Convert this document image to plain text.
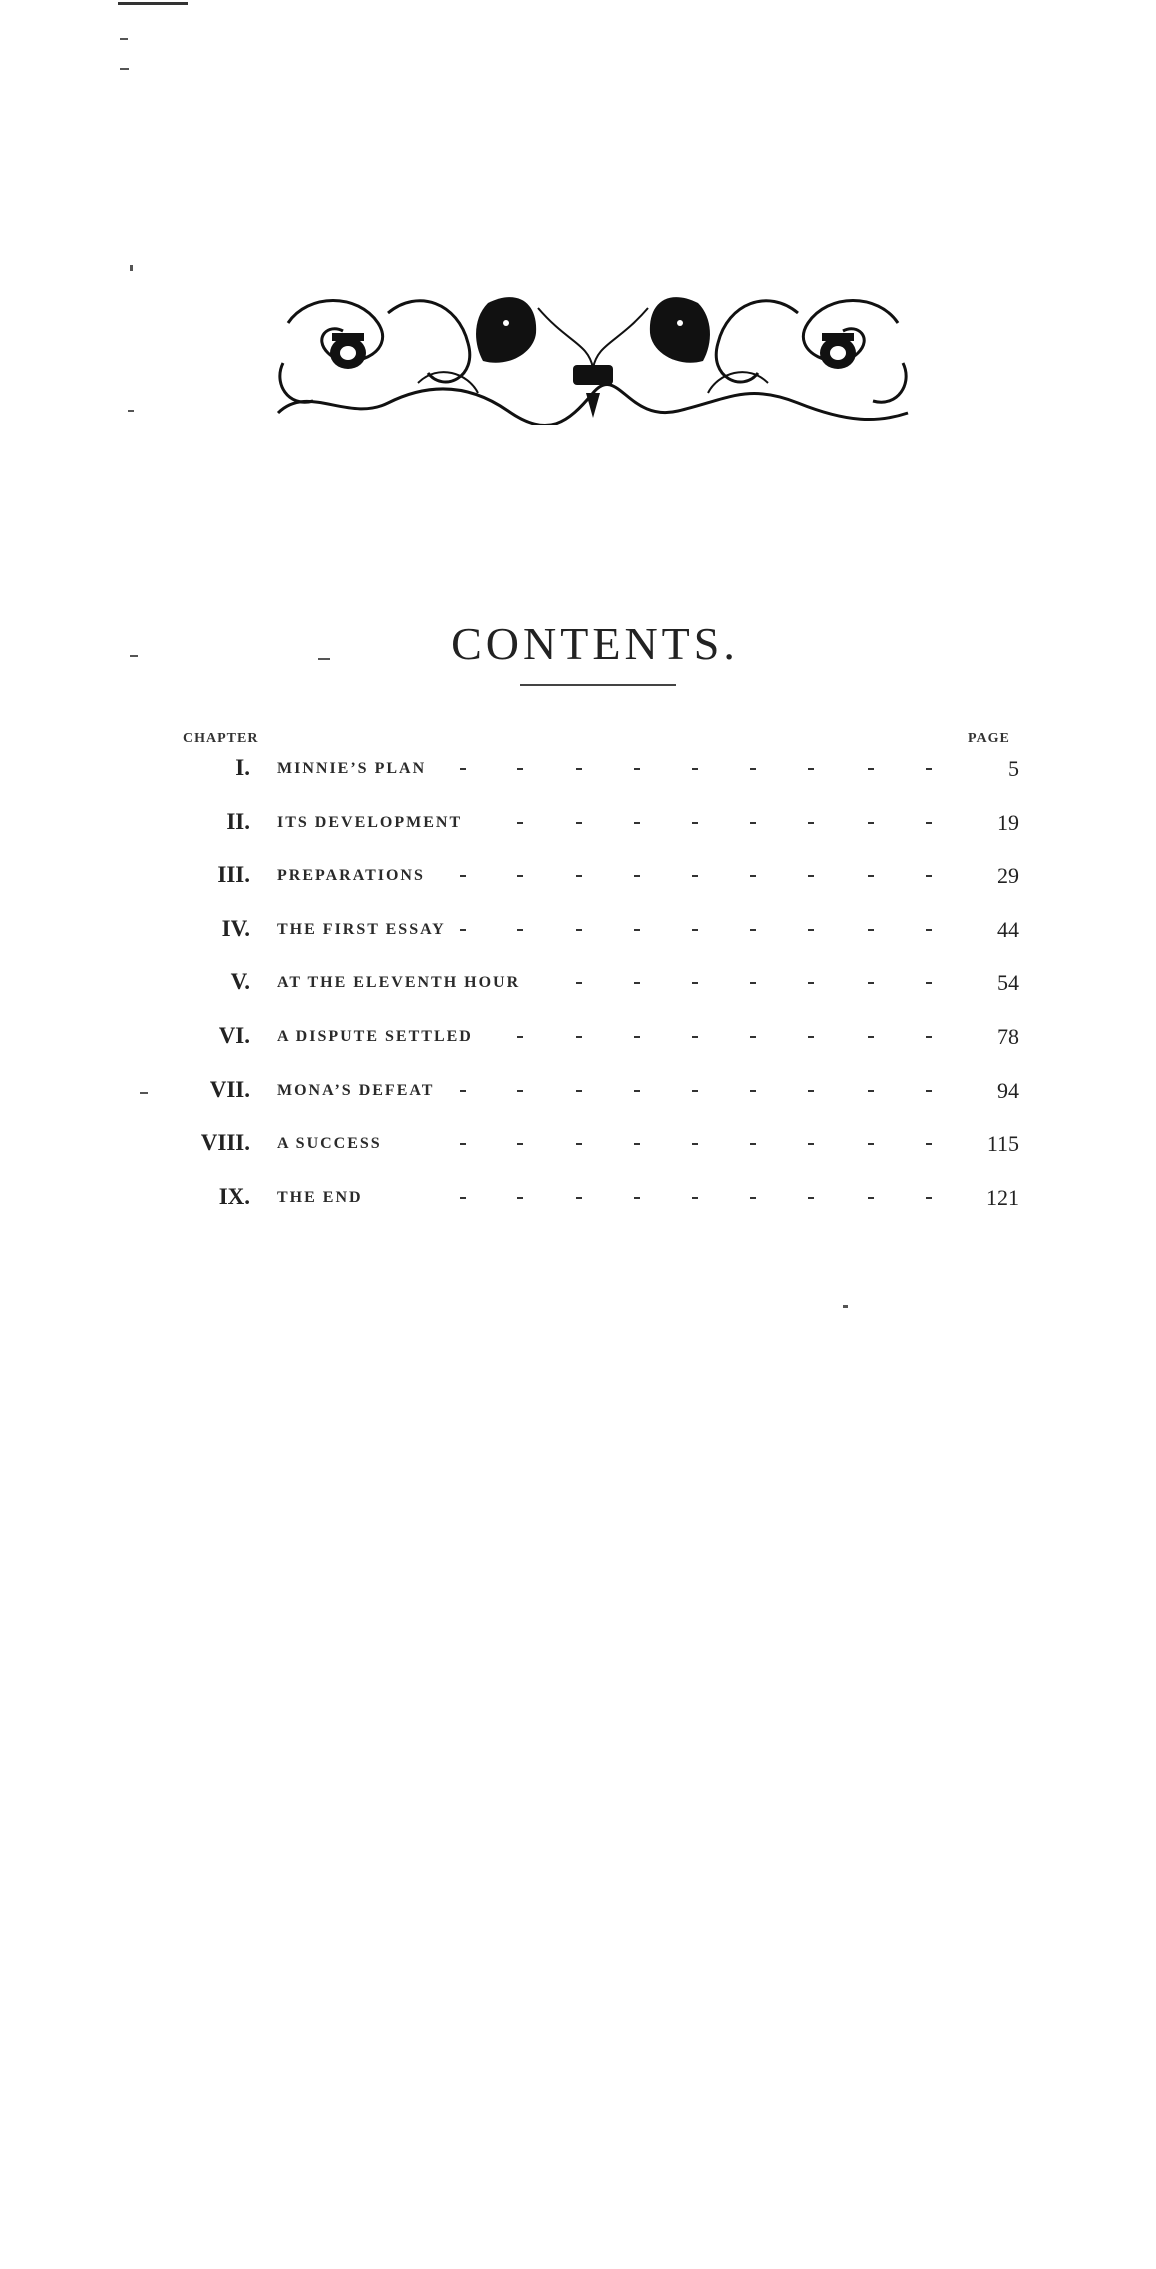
CONTENTS.
CHAPTER	PAGE
I. MINNIE’S PLAN	5
II. ITS DEVELOPMENT	19
III. PREPARATIONS	29
IV. THE FIRST ESSAY	44
V. AT THE ELEVENTH HOUR	54
VI. A DISPUTE SETTLED	78
VII. MONA’S DEFEAT	94
VIII. A SUCCESS	115
IX. THE END	121
